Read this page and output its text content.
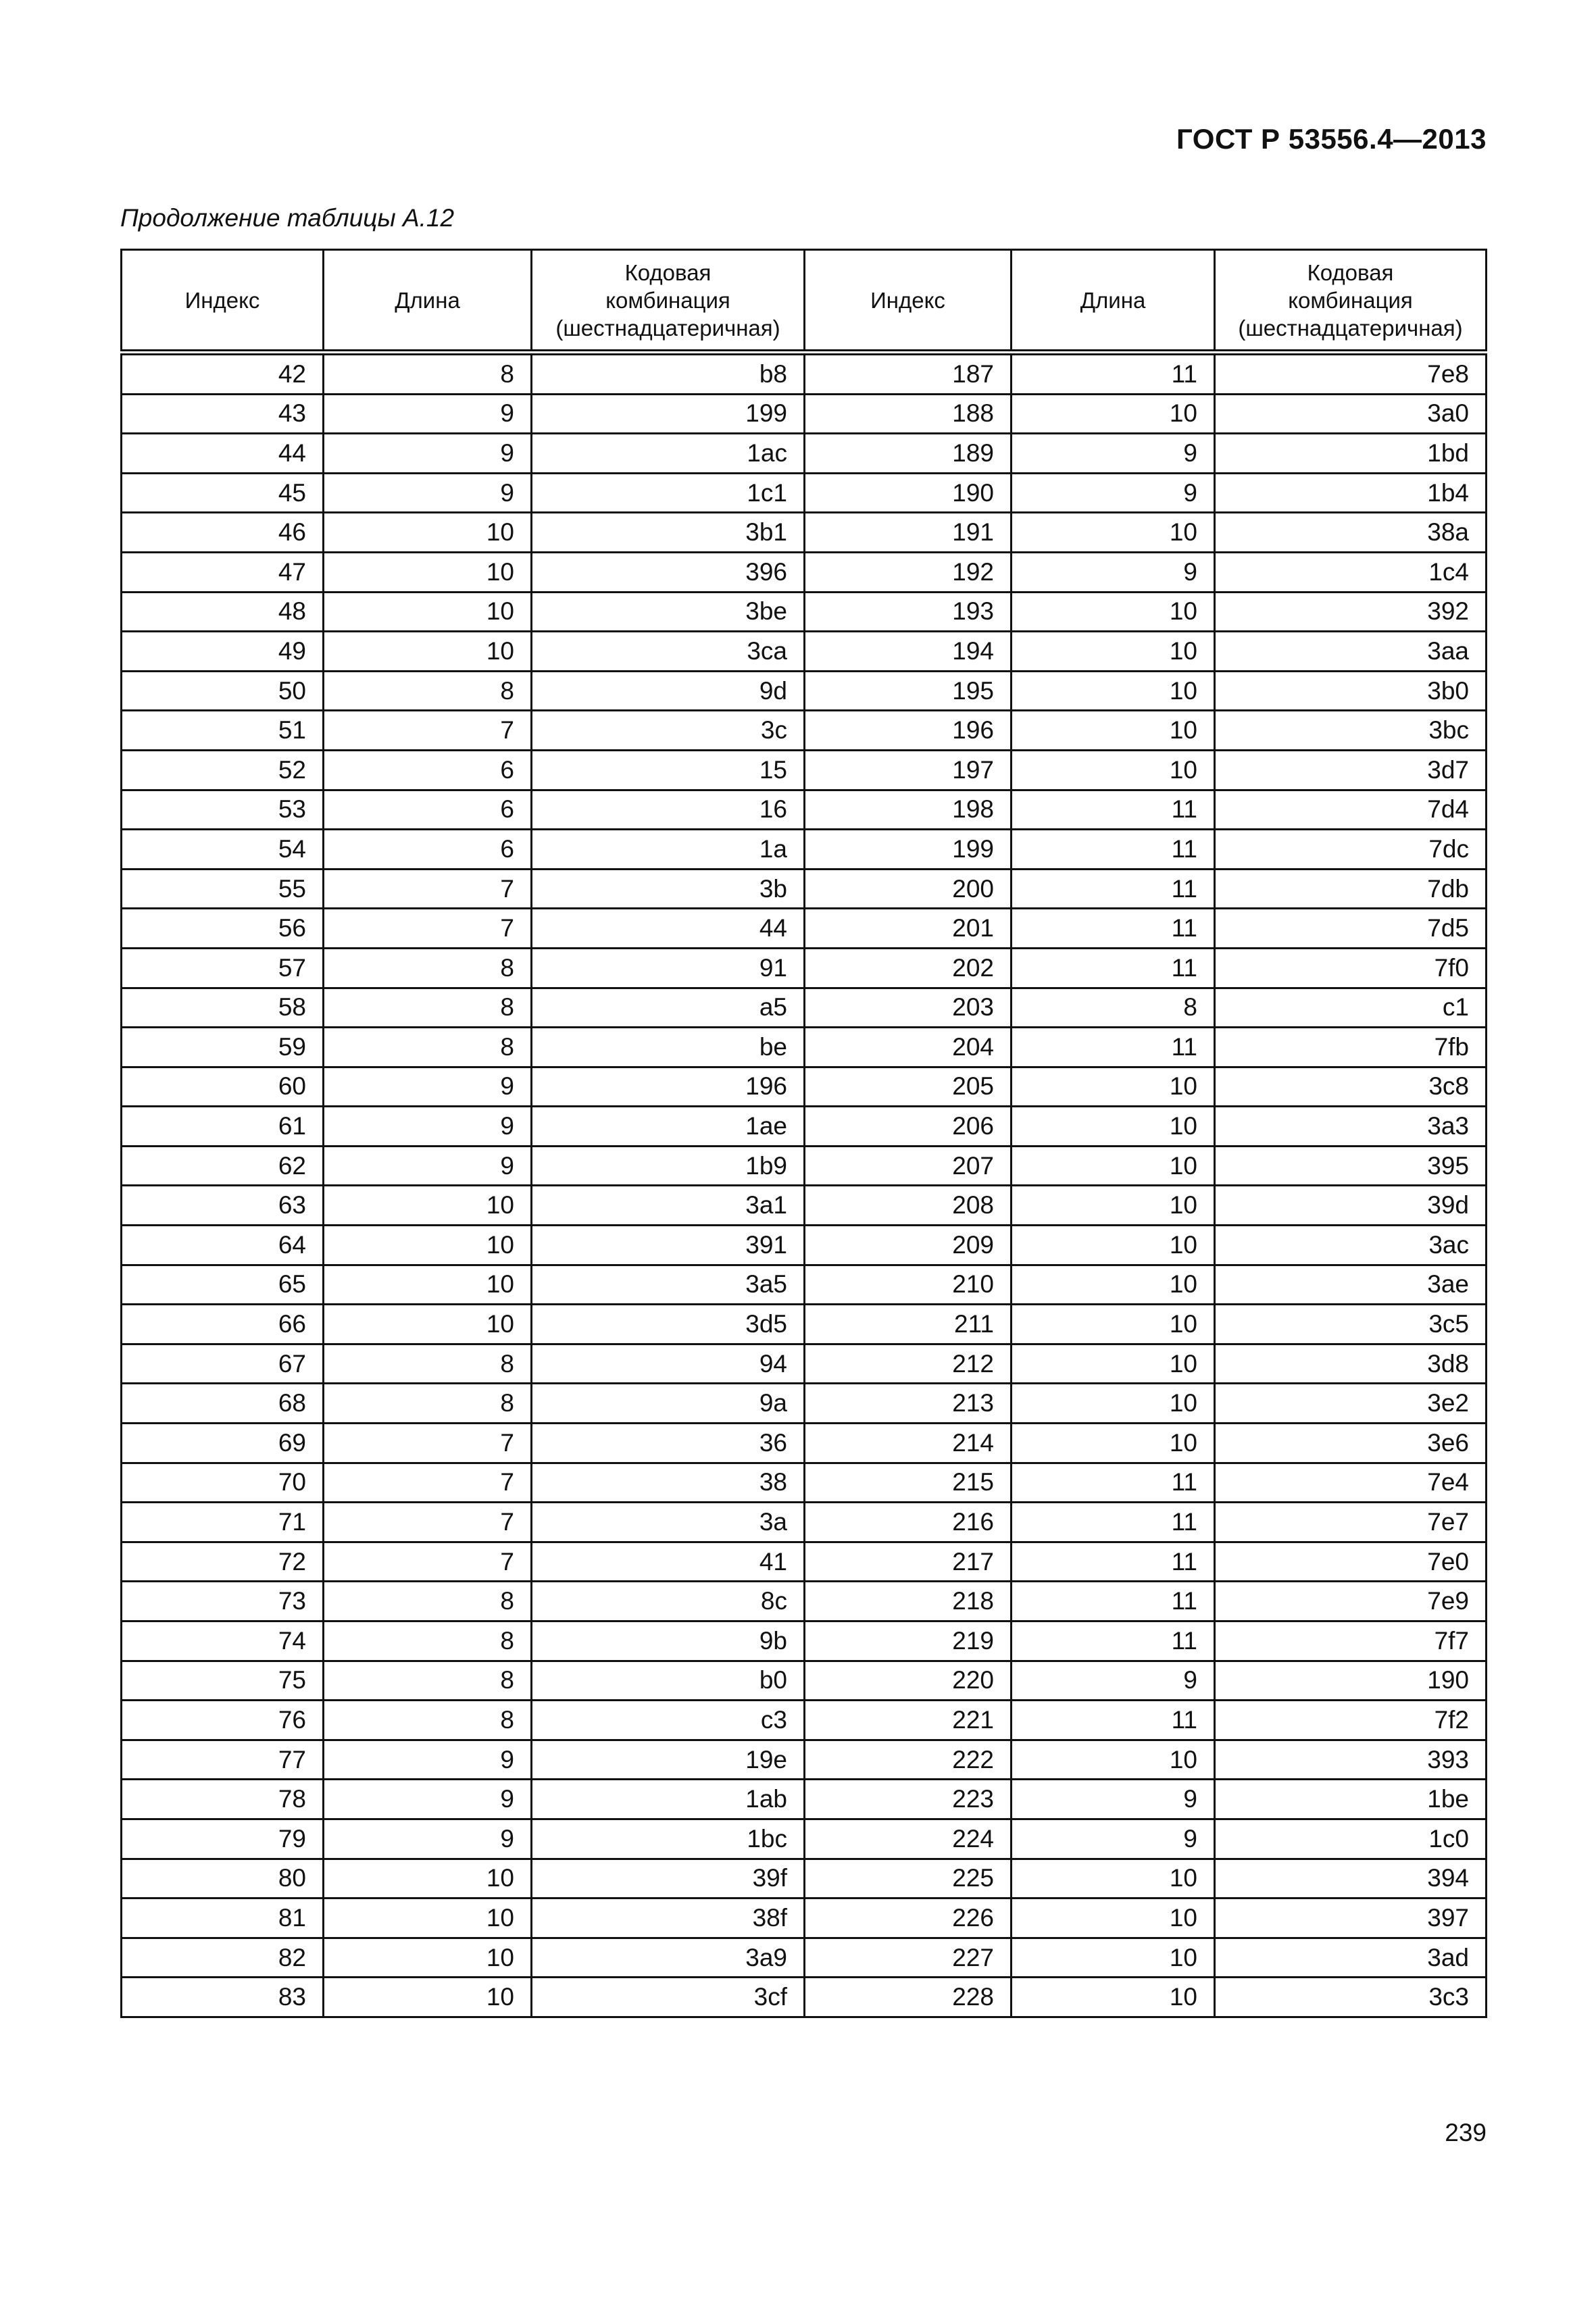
ГОСТ Р 53556.4—2013
Продолжение таблицы А.12
Индекс	Длина	Кодовая
комбинация
(шестнадцатеричная)	Индекс	Длина	Кодовая
комбинация
(шестнадцатеричная)

42	8	b8	187	11	7e8
43	9	199	188	10	3a0
44	9	1ac	189	9	1bd
45	9	1c1	190	9	1b4
46	10	3b1	191	10	38a
47	10	396	192	9	1c4
48	10	3be	193	10	392
49	10	3ca	194	10	3aa
50	8	9d	195	10	3b0
51	7	3c	196	10	3bc
52	6	15	197	10	3d7
53	6	16	198	11	7d4
54	6	1a	199	11	7dc
55	7	3b	200	11	7db
56	7	44	201	11	7d5
57	8	91	202	11	7f0
58	8	a5	203	8	c1
59	8	be	204	11	7fb
60	9	196	205	10	3c8
61	9	1ae	206	10	3a3
62	9	1b9	207	10	395
63	10	3a1	208	10	39d
64	10	391	209	10	3ac
65	10	3a5	210	10	3ae
66	10	3d5	211	10	3c5
67	8	94	212	10	3d8
68	8	9a	213	10	3e2
69	7	36	214	10	3e6
70	7	38	215	11	7e4
71	7	3a	216	11	7e7
72	7	41	217	11	7e0
73	8	8c	218	11	7e9
74	8	9b	219	11	7f7
75	8	b0	220	9	190
76	8	c3	221	11	7f2
77	9	19e	222	10	393
78	9	1ab	223	9	1be
79	9	1bc	224	9	1c0
80	10	39f	225	10	394
81	10	38f	226	10	397
82	10	3a9	227	10	3ad
83	10	3cf	228	10	3c3
239
